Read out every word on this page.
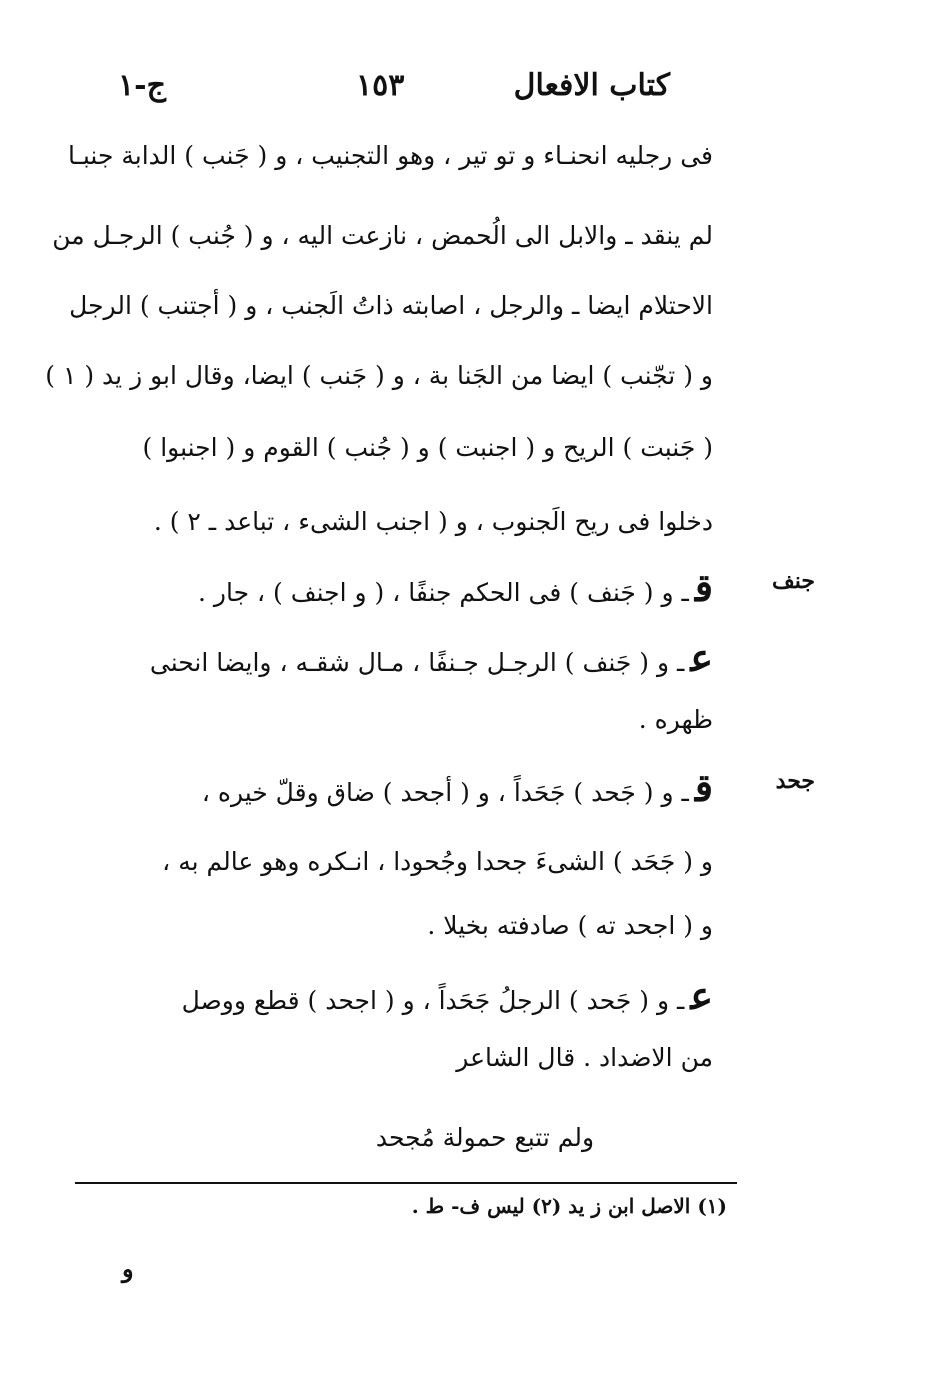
كتاب الافعال
١٥٣
ج-١
فى رجليه انحنـاء و تو تير ، وهو التجنيب ، و ( جَنب ) الدابة جنبـا
لم ينقد ـ والابل الى الُحمض ، نازعت اليه ، و ( جُنب ) الرجـل من
الاحتلام ايضا ـ والرجل ، اصابته ذاتُ الَجنب ، و ( أجتنب ) الرجل
و ( تجّنب ) ايضا من الجَنا بة ، و ( جَنب ) ايضا، وقال ابو ز يد ( ١ )
( جَنبت ) الريح و ( اجنبت ) و ( جُنب ) القوم و ( اجنبوا )
دخلوا فى ريح الَجنوب ، و ( اجنب الشىء ، تباعد ـ ٢ ) .
جنف
قـ و ( جَنف ) فى الحكم جنفًا ، ( و اجنف ) ، جار .
عـ و ( جَنف ) الرجـل جـنفًا ، مـال شقـه ، وايضا انحنى
ظهره .
جحد
قـ و ( جَحد ) جَحَداً ، و ( أجحد ) ضاق وقلّ خيره ،
و ( جَحَد ) الشىءَ جحدا وجُحودا ، انـكره وهو عالم به ،
و ( اجحد ته ) صادفته بخيلا .
عـ و ( جَحد ) الرجلُ جَحَداً ، و ( اجحد ) قطع ووصل
من الاضداد . قال الشاعر
ولم تتبع حمولة مُجحد
(١) الاصل ابن ز يد (٢) ليس ف- ط .
و
